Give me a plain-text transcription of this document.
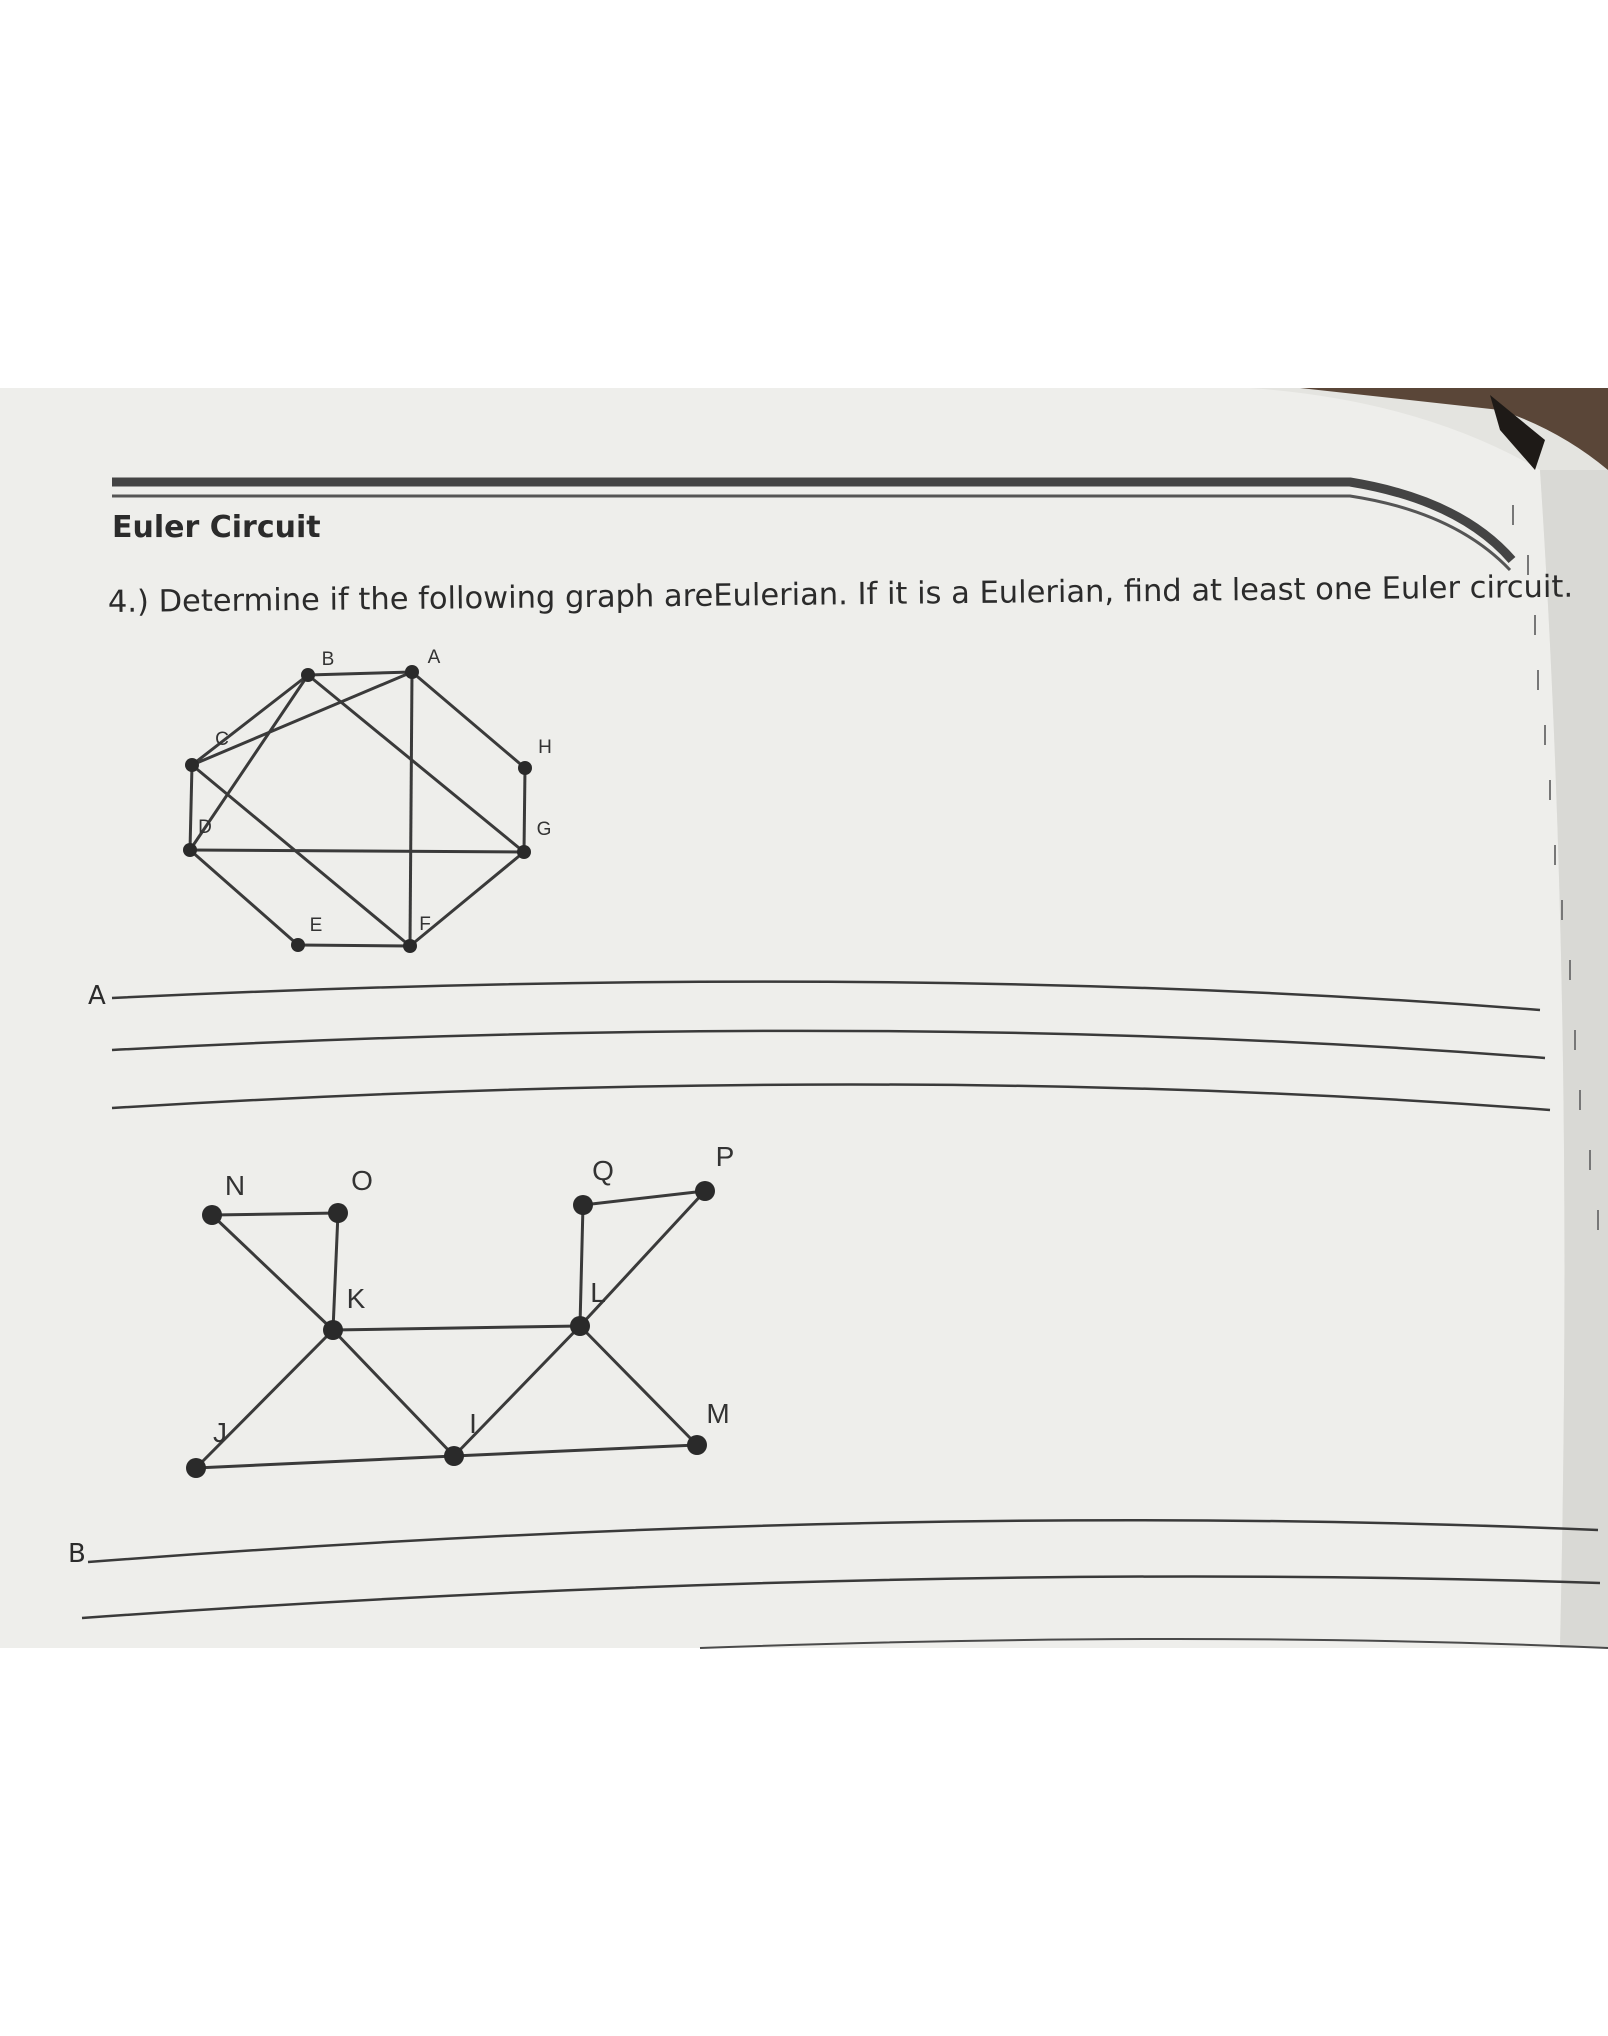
Euler Circuit
4.) Determine if the following graph areEulerian. If it is a Eulerian, find at least one Euler circuit.
A
B
C
D
E	F
G
H
A
N	O
K
Q	P
L
J	I	M
B
